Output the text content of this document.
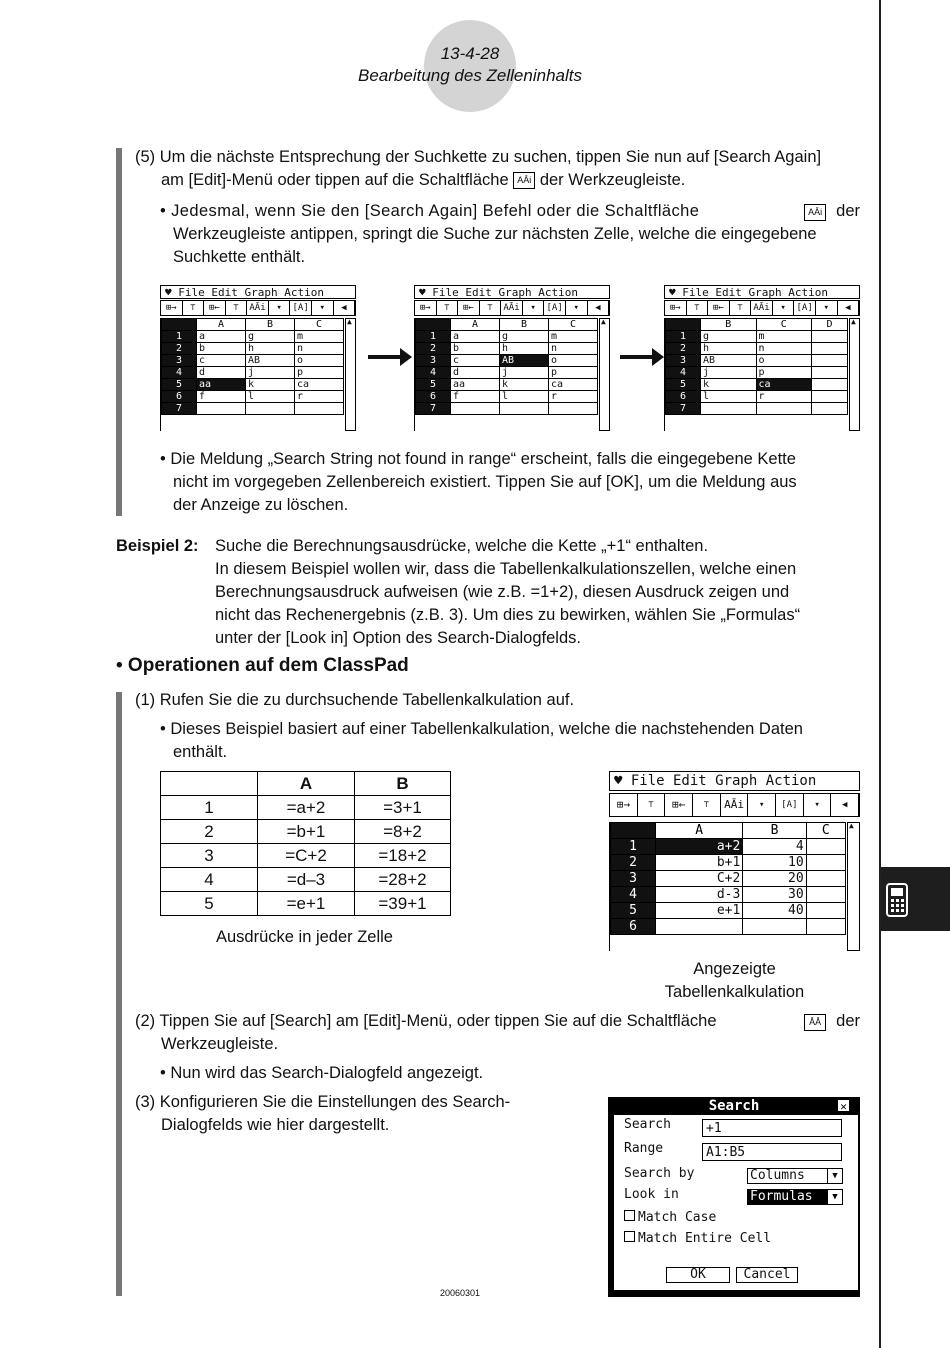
13-4-28
Bearbeitung des Zelleninhalts
(5) Um die nächste Entsprechung der Suchkette zu suchen, tippen Sie nun auf [Search Again]
am [Edit]-Menü oder tippen auf die Schaltfläche AĀi der Werkzeugleiste.
• Jedesmal, wenn Sie den [Search Again] Befehl oder die Schaltfläche	AĀi der
Werkzeugleiste antippen, springt die Suche zur nächsten Zelle, welche die eingegebene
Suchkette enthält.
♥ File Edit Graph Action
⊞→	⊤	⊞←	⊤	AĀi	▾	[A]	▾	◀
	A	B	C
1	a	g	m
2	b	h	n
3	c	AB	o
4	d	j	p
5	aa	k	ca
6	f	l	r
7			
▲
♥ File Edit Graph Action
⊞→	⊤	⊞←	⊤	AĀi	▾	[A]	▾	◀
	A	B	C
1	a	g	m
2	b	h	n
3	c	AB	o
4	d	j	p
5	aa	k	ca
6	f	l	r
7			
▲
♥ File Edit Graph Action
⊞→	⊤	⊞←	⊤	AĀi	▾	[A]	▾	◀
	B	C	D
1	g	m	
2	h	n	
3	AB	o	
4	j	p	
5	k	ca	
6	l	r	
7			
▲
• Die Meldung „Search String not found in range“ erscheint, falls die eingegebene Kette
nicht im vorgegeben Zellenbereich existiert. Tippen Sie auf [OK], um die Meldung aus
der Anzeige zu löschen.
Beispiel 2: Suche die Berechnungsausdrücke, welche die Kette „+1“ enthalten.
In diesem Beispiel wollen wir, dass die Tabellenkalkulationszellen, welche einen
Berechnungsausdruck aufweisen (wie z.B. =1+2), diesen Ausdruck zeigen und
nicht das Rechenergebnis (z.B. 3). Um dies zu bewirken, wählen Sie „Formulas“
unter der [Look in] Option des Search-Dialogfelds.
• Operationen auf dem ClassPad
(1) Rufen Sie die zu durchsuchende Tabellenkalkulation auf.
• Dieses Beispiel basiert auf einer Tabellenkalkulation, welche die nachstehenden Daten
enthält.
	A	B
1	=a+2	=3+1
2	=b+1	=8+2
3	=C+2	=18+2
4	=d–3	=28+2
5	=e+1	=39+1
Ausdrücke in jeder Zelle
♥ File Edit Graph Action
⊞→	⊤	⊞←	⊤	AĀi	▾	[A]	▾	◀
	A	B	C
1	a+2	4	
2	b+1	10	
3	C+2	20	
4	d-3	30	
5	e+1	40	
6			
▲
Angezeigte
Tabellenkalkulation
(2) Tippen Sie auf [Search] am [Edit]-Menü, oder tippen Sie auf die Schaltfläche	ÅÅ der
Werkzeugleiste.
• Nun wird das Search-Dialogfeld angezeigt.
(3) Konfigurieren Sie die Einstellungen des Search-
Dialogfelds wie hier dargestellt.
Search	✕
Search	+1
Range	A1:B5
Search by	Columns	▼
Look in	Formulas	▼
Match Case
Match Entire Cell
OK	Cancel
20060301
